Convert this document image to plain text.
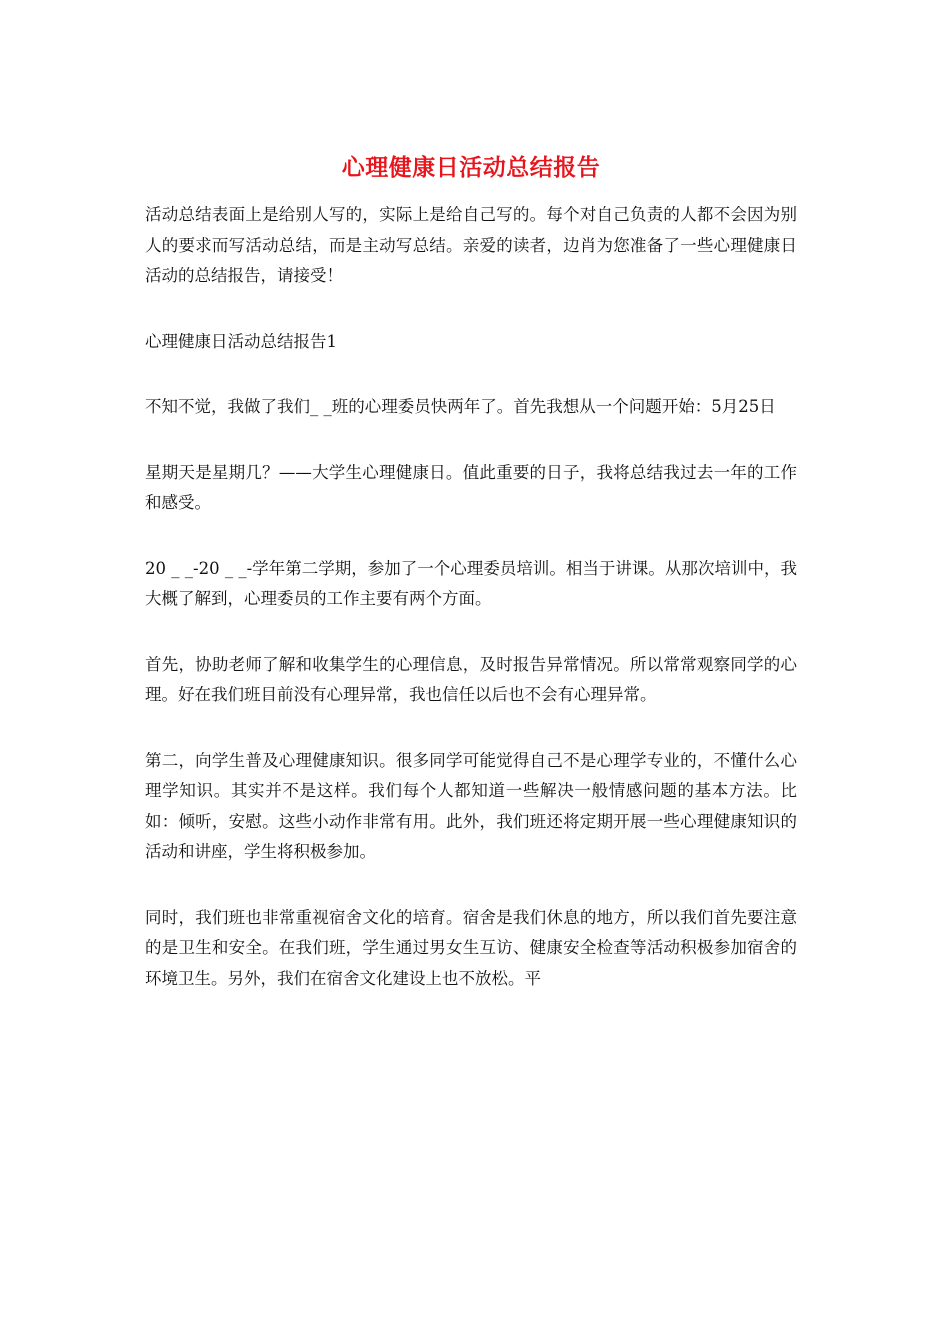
心理健康日活动总结报告

活动总结表面上是给别人写的，实际上是给自己写的。每个对自己负责的人都不会因为别人的要求而写活动总结，而是主动写总结。亲爱的读者，边肖为您准备了一些心理健康日活动的总结报告，请接受！

心理健康日活动总结报告1

不知不觉，我做了我们_ _班的心理委员快两年了。首先我想从一个问题开始：5月25日

星期天是星期几？——大学生心理健康日。值此重要的日子，我将总结我过去一年的工作和感受。

20 _ _-20 _ _-学年第二学期，参加了一个心理委员培训。相当于讲课。从那次培训中，我大概了解到，心理委员的工作主要有两个方面。

首先，协助老师了解和收集学生的心理信息，及时报告异常情况。所以常常观察同学的心理。好在我们班目前没有心理异常，我也信任以后也不会有心理异常。

第二，向学生普及心理健康知识。很多同学可能觉得自己不是心理学专业的，不懂什么心理学知识。其实并不是这样。我们每个人都知道一些解决一般情感问题的基本方法。比如：倾听，安慰。这些小动作非常有用。此外，我们班还将定期开展一些心理健康知识的活动和讲座，学生将积极参加。

同时，我们班也非常重视宿舍文化的培育。宿舍是我们休息的地方，所以我们首先要注意的是卫生和安全。在我们班，学生通过男女生互访、健康安全检查等活动积极参加宿舍的环境卫生。另外，我们在宿舍文化建设上也不放松。平
